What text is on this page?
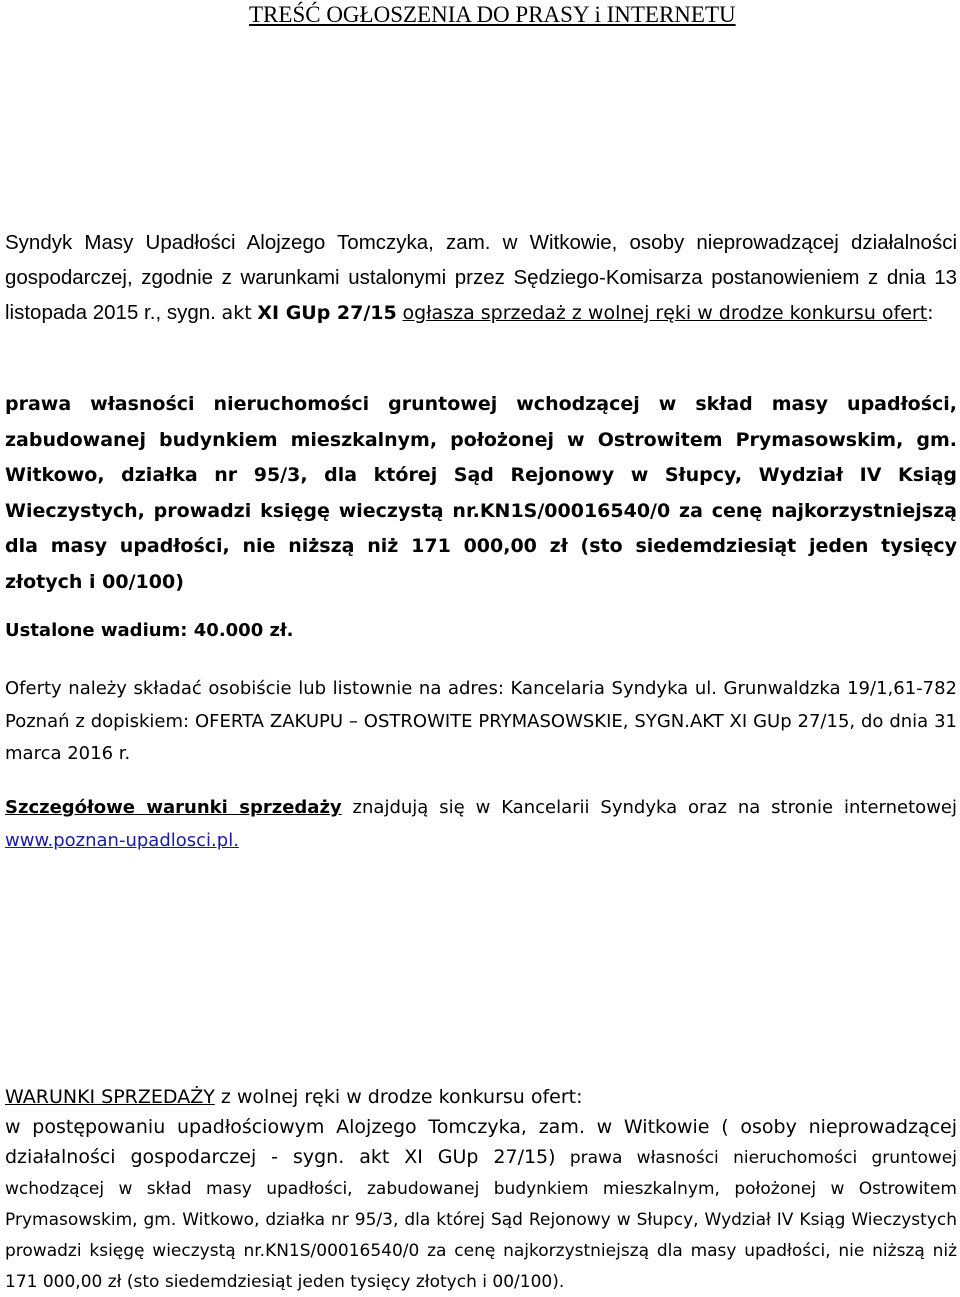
TREŚĆ OGŁOSZENIA DO PRASY i INTERNETU

Syndyk Masy Upadłości Alojzego Tomczyka, zam. w Witkowie, osoby nieprowadzącej działalności gospodarczej, zgodnie z warunkami ustalonymi przez Sędziego-Komisarza postanowieniem z dnia 13 listopada 2015 r., sygn. akt XI GUp 27/15 ogłasza sprzedaż z wolnej ręki w drodze konkursu ofert:

prawa własności nieruchomości gruntowej wchodzącej w skład masy upadłości, zabudowanej budynkiem mieszkalnym, położonej w Ostrowitem Prymasowskim, gm. Witkowo, działka nr 95/3, dla której Sąd Rejonowy w Słupcy, Wydział IV Ksiąg Wieczystych, prowadzi księgę wieczystą nr.KN1S/00016540/0 za cenę najkorzystniejszą dla masy upadłości, nie niższą niż 171 000,00 zł (sto siedemdziesiąt jeden tysięcy złotych i 00/100)

Ustalone wadium: 40.000 zł.

Oferty należy składać osobiście lub listownie na adres: Kancelaria Syndyka ul. Grunwaldzka 19/1,61-782 Poznań z dopiskiem: OFERTA ZAKUPU – OSTROWITE PRYMASOWSKIE, SYGN.AKT XI GUp 27/15, do dnia 31 marca 2016 r.

Szczegółowe warunki sprzedaży znajdują się w Kancelarii Syndyka oraz na stronie internetowej www.poznan-upadlosci.pl.

WARUNKI SPRZEDAŻY z wolnej ręki w drodze konkursu ofert:

w postępowaniu upadłościowym Alojzego Tomczyka, zam. w Witkowie ( osoby nieprowadzącej działalności gospodarczej - sygn. akt XI GUp 27/15) prawa własności nieruchomości gruntowej wchodzącej w skład masy upadłości, zabudowanej budynkiem mieszkalnym, położonej w Ostrowitem Prymasowskim, gm. Witkowo, działka nr 95/3, dla której Sąd Rejonowy w Słupcy, Wydział IV Ksiąg Wieczystych prowadzi księgę wieczystą nr.KN1S/00016540/0 za cenę najkorzystniejszą dla masy upadłości, nie niższą niż 171 000,00 zł (sto siedemdziesiąt jeden tysięcy złotych i 00/100).
